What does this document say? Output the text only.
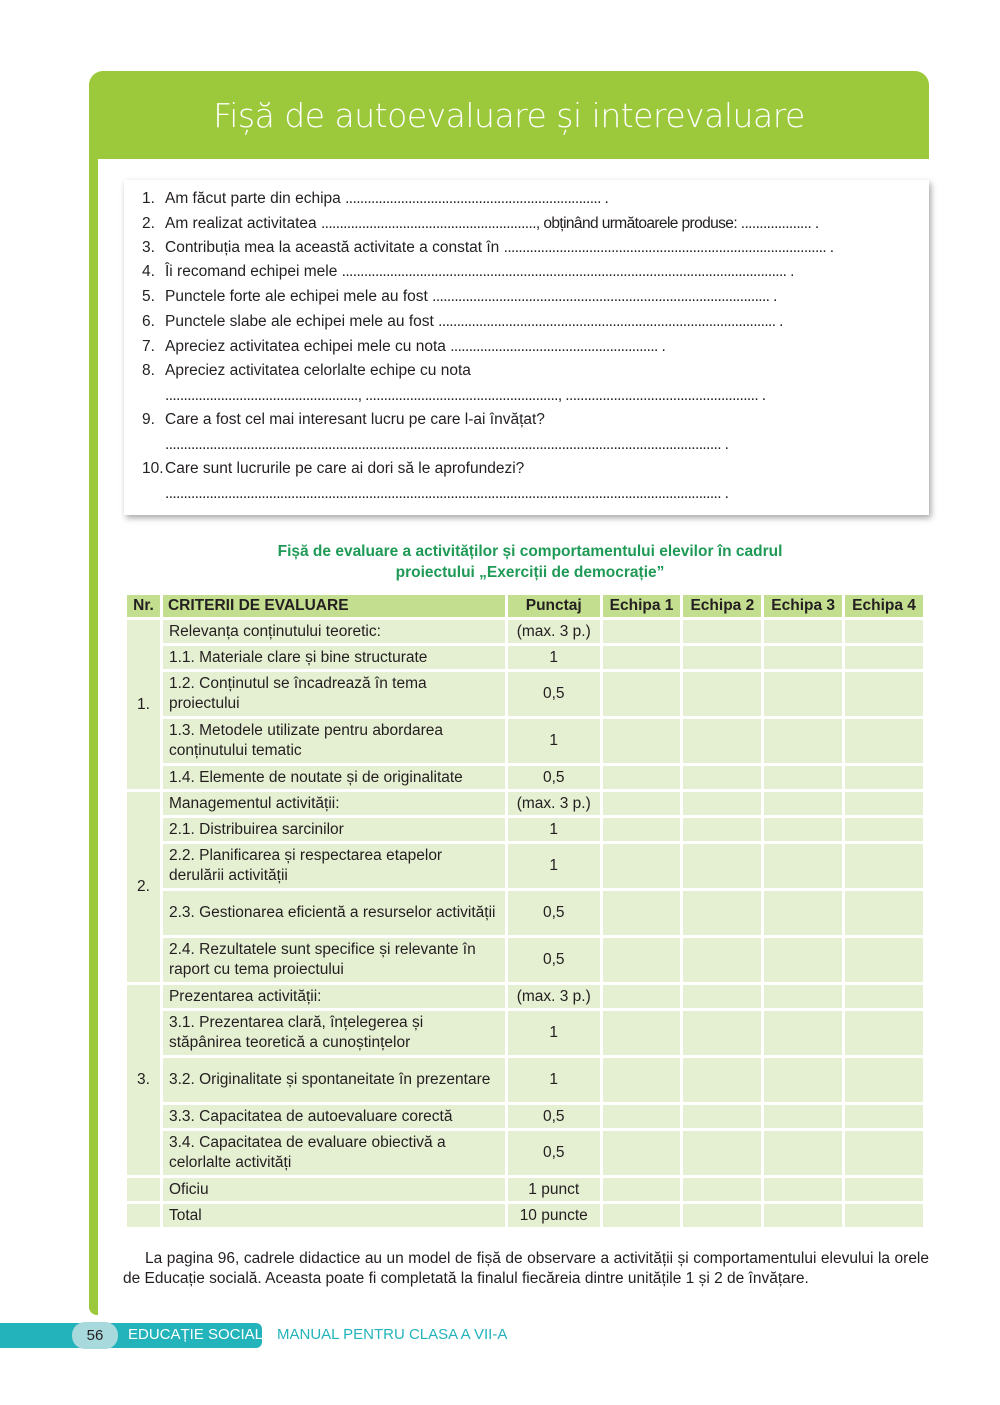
Fișă de autoevaluare și interevaluare
1. Am făcut parte din echipa ..................................................................... .
2. Am realizat activitatea .........................................................., obținând următoarele produse: ................... .
3. Contribuția mea la această activitate a constat în ....................................................................................... .
4. Îi recomand echipei mele ........................................................................................................................ .
5. Punctele forte ale echipei mele au fost ........................................................................................... .
6. Punctele slabe ale echipei mele au fost ........................................................................................... .
7. Apreciez activitatea echipei mele cu nota ........................................................ .
8. Apreciez activitatea celorlalte echipe cu nota
...................................................., ...................................................., .................................................... .
9. Care a fost cel mai interesant lucru pe care l-ai învățat?
...................................................................................................................................................... .
10.Care sunt lucrurile pe care ai dori să le aprofundezi?
...................................................................................................................................................... .
Fișă de evaluare a activităților și comportamentului elevilor în cadrul
proiectului „Exerciții de democrație”
Nr.	CRITERII DE EVALUARE	Punctaj	Echipa 1	Echipa 2	Echipa 3	Echipa 4
1.	Relevanța conținutului teoretic:	(max. 3 p.)				
	1.1. Materiale clare și bine structurate	1				
	1.2. Conținutul se încadrează în tema proiectului	0,5				
	1.3. Metodele utilizate pentru abordarea conținutului tematic	1				
	1.4. Elemente de noutate și de originalitate	0,5				
2.	Managementul activității:	(max. 3 p.)				
	2.1. Distribuirea sarcinilor	1				
	2.2. Planificarea și respectarea etapelor derulării activității	1				
	2.3. Gestionarea eficientă a resurselor activității	0,5				
	2.4. Rezultatele sunt specifice și relevante în raport cu tema proiectului	0,5				
3.	Prezentarea activității:	(max. 3 p.)				
	3.1. Prezentarea clară, înțelegerea și stăpânirea teoretică a cunoștințelor	1				
	3.2. Originalitate și spontaneitate în prezentare	1				
	3.3. Capacitatea de autoevaluare corectă	0,5				
	3.4. Capacitatea de evaluare obiectivă a celorlalte activități	0,5				
	Oficiu	1 punct				
	Total	10 puncte				
La pagina 96, cadrele didactice au un model de fișă de observare a activității și comportamentului elevului la orele de Educație socială. Aceasta poate fi completată la finalul fiecăreia dintre unitățile 1 și 2 de învățare.
56	EDUCAȚIE SOCIALĂ MANUAL PENTRU CLASA A VII-A
